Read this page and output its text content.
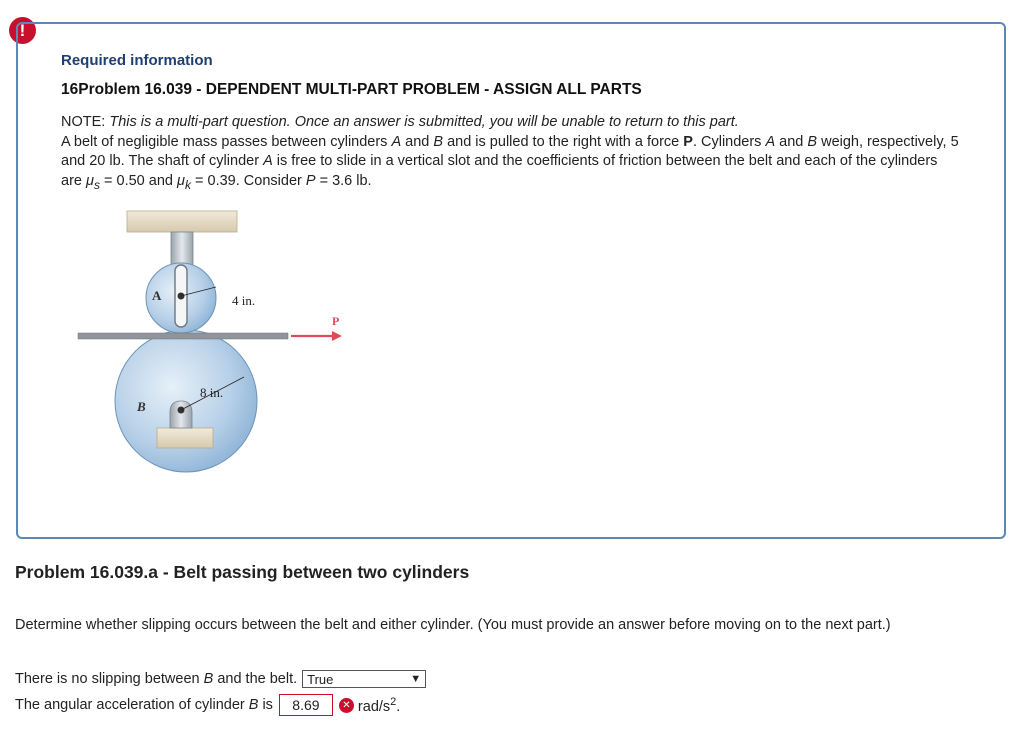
!
Required information
16Problem 16.039 - DEPENDENT MULTI-PART PROBLEM - ASSIGN ALL PARTS
NOTE: This is a multi-part question. Once an answer is submitted, you will be unable to return to this part.
A belt of negligible mass passes between cylinders A and B and is pulled to the right with a force P. Cylinders A and B weigh, respectively, 5 and 20 lb. The shaft of cylinder A is free to slide in a vertical slot and the coefficients of friction between the belt and each of the cylinders are $\mu_s = 0.50$ and $\mu_k = 0.39$. Consider P = 3.6 lb.
A
B
P
4 in.
8 in.
Problem 16.039.a - Belt passing between two cylinders
Determine whether slipping occurs between the belt and either cylinder. (You must provide an answer before moving on to the next part.)
There is no slipping between B and the belt. True	▼
The angular acceleration of cylinder B is	8.69	✕ rad/$s^2$.
